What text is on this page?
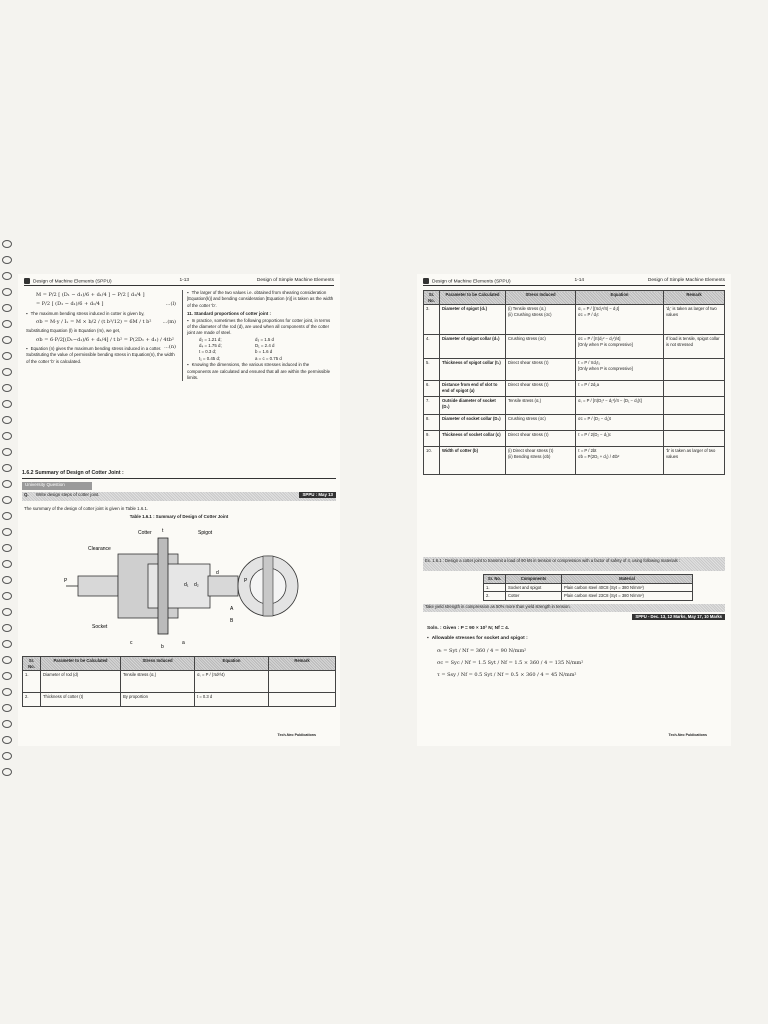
Design of Machine Elements (SPPU)	1-13	Design of Simple Machine Elements
M = P/2 [ (D₁ − d₁)/6 + d₁/4 ] − P/2 [ d₁/4 ]
= P/2 [ (D₁ − d₁)/6 + d₁/4 ]	...(l)

▪ The maximum bending stress induced in cotter is given by,

σb = M·y / Iₓ = M × b/2 / (t b³/12) = 6M / t b² ...(m)

Substituting Equation (l) in Equation (m), we get,

σb = 6·P/2[(D₁−d₁)/6 + d₁/4] / t b² = P(2D₁ + d₁) / 4tb²
...(n)

▪ Equation (n) gives the maximum bending stress induced in a cotter. Substituting the value of permissible bending stress in Equation(n), the width of the cotter 'b' is calculated.

▪ The larger of the two values i.e. obtained from shearing consideration [Equation(k)] and bending consideration [Equation (n)] is taken as the width of the cotter 'b'.

11. Standard proportions of cotter joint :

▪ In practice, sometimes the following proportions for cotter joint, in terms of the diameter of the rod (d), are used when all components of the cotter joint are made of steel.

d₂ = 1.21 d;	d₃ = 1.5 d
d₄ = 1.75 d;	D₁ = 2.4 d
t = 0.3 d;	b = 1.6 d
t₁ = 0.45 d;	a = c = 0.75 d

▪ Knowing the dimensions, the various stresses induced in the components are calculated and ensured that all are within the permissible limits.

1.6.2 Summary of Design of Cotter Joint :
University Question
Q. Write design steps of cotter joint.	SPPU : May 13

The summary of the design of cotter joint is given in Table 1.6.1.

Table 1.6.1 : Summary of Design of Cotter Joint

Cotter	Spigot
Clearance
Socket
P	P
a
c
b
d
d₁ d₂
t
A
B
Sr. No.	Parameter to be Calculated	Stress Induced	Equation	Remark
1.	Diameter of rod (d)	Tensile stress (σₜ)	σₜ = P / (πd²/4)	
2.	Thickness of cotter (t)	By proportion	t = 0.3 d	
Tech-Neo Publications
Design of Machine Elements (SPPU)	1-14	Design of Simple Machine Elements
Sr. No.	Parameter to be Calculated	Stress Induced	Equation	Remark
3.	Diameter of spigot (d₁)	(i) Tensile stress (σₜ)
(ii) Crushing stress (σc)	σₜ = P / [(πd₁²/4) − d₁t]
σc = P / d₁t	'd₁' is taken as larger of two values
4.	Diameter of spigot collar (d₂)	Crushing stress (σc)	σc = P / [π(d₂² − d₁²)/4]
[Only when P is compressive]	If load is tensile, spigot collar is not stressed
5.	Thickness of spigot collar (t₁)	Direct shear stress (τ)	τ = P / πd₁t₁
[Only when P is compressive]	
6.	Distance from end of slot to end of spigot (a)	Direct shear stress (τ)	τ = P / 2d₁a	
7.	Outside diameter of socket (D₁)	Tensile stress (σₜ)	σₜ = P / [π(D₁² − d₁²)/4 − (D₁ − d₁)t]	
8.	Diameter of socket collar (D₂)	Crushing stress (σc)	σc = P / (D₂ − d₁)t	
9.	Thickness of socket collar (c)	Direct shear stress (τ)	τ = P / 2(D₂ − d₁)c	
10.	Width of cotter (b)	(i) Direct shear stress (τ)
(ii) Bending stress (σb)	τ = P / 2bt
σb = P(2D₁ + d₁) / 4tb²	'b' is taken as larger of two values
Ex. 1.6.1 : Design a cotter joint to transmit a load of 90 kN in tension or compression with a factor of safety of 4, using following materials :
Sr. No.	Components	Material
1.	Socket and spigot	Plain carbon steel 40C8 (Syt = 380 N/mm²)
2.	Cotter	Plain carbon steel 23C8 (Syt = 380 N/mm²)
Take yield strength in compression as 50% more than yield strength in tension.
SPPU - Dec. 13, 12 Marks, May 17, 10 Marks

Soln. : Given : P = 90 × 10³ N; Nf = 4.

▪ Allowable stresses for socket and spigot :

σₜ = Syt / Nf = 360 / 4 = 90 N/mm²
σc = Syc / Nf = 1.5 Syt / Nf = 1.5 × 360 / 4 = 135 N/mm²
τ = Ssy / Nf = 0.5 Syt / Nf = 0.5 × 360 / 4 = 45 N/mm²
Tech-Neo Publications
